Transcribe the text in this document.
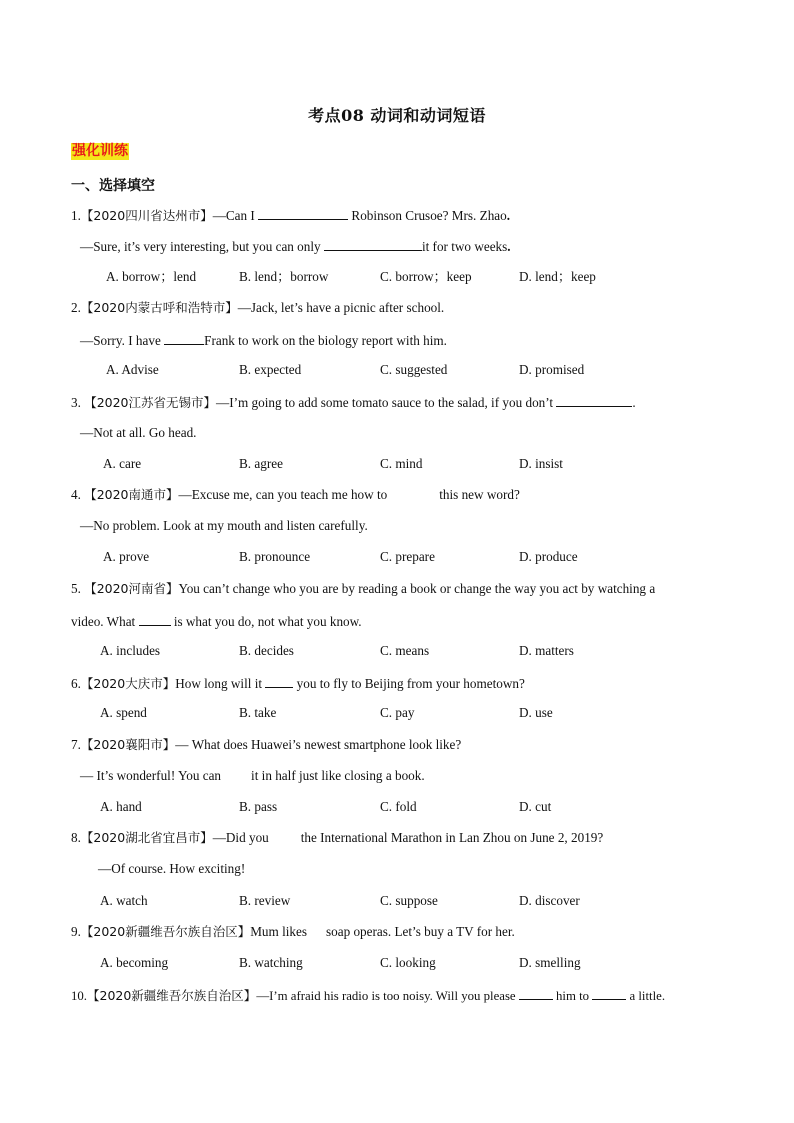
考点08 动词和动词短语
强化训练
一、选择填空
1.【2020四川省达州市】—Can I	Robinson Crusoe? Mrs. Zhao.
—Sure, it’s very interesting, but you can only	it for two weeks.
A. borrow；lend	B. lend；borrow	C. borrow；keep	D. lend；keep
2.【2020内蒙古呼和浩特市】—Jack, let’s have a picnic after school.
—Sorry. I have	Frank to work on the biology report with him.
A. Advise	B. expected	C. suggested	D. promised
3. 【2020江苏省无锡市】—I’m going to add some tomato sauce to the salad, if you don’t	.
—Not at all. Go head.
A. care	B. agree	C. mind	D. insist
4. 【2020南通市】—Excuse me, can you teach me how to	this new word?
—No problem. Look at my mouth and listen carefully.
A. prove	B. pronounce	C. prepare	D. produce
5. 【2020河南省】You can’t change who you are by reading a book or change the way you act by watching a
video. What  is what you do, not what you know.
A. includes	B. decides	C. means	D. matters
6.【2020大庆市】How long will it  you to fly to Beijing from your hometown?
A. spend	B. take	C. pay	D. use
7.【2020襄阳市】— What does Huawei’s newest smartphone look like?
— It’s wonderful! You can it in half just like closing a book.
A. hand	B. pass	C. fold	D. cut
8.【2020湖北省宜昌市】—Did you the International Marathon in Lan Zhou on June 2, 2019?
—Of course. How exciting!
A. watch	B. review	C. suppose	D. discover
9.【2020新疆维吾尔族自治区】Mum likes soap operas. Let’s buy a TV for her.
A. becoming	B. watching	C. looking	D. smelling
10.【2020新疆维吾尔族自治区】—I’m afraid his radio is too noisy. Will you please	him to	a little.
